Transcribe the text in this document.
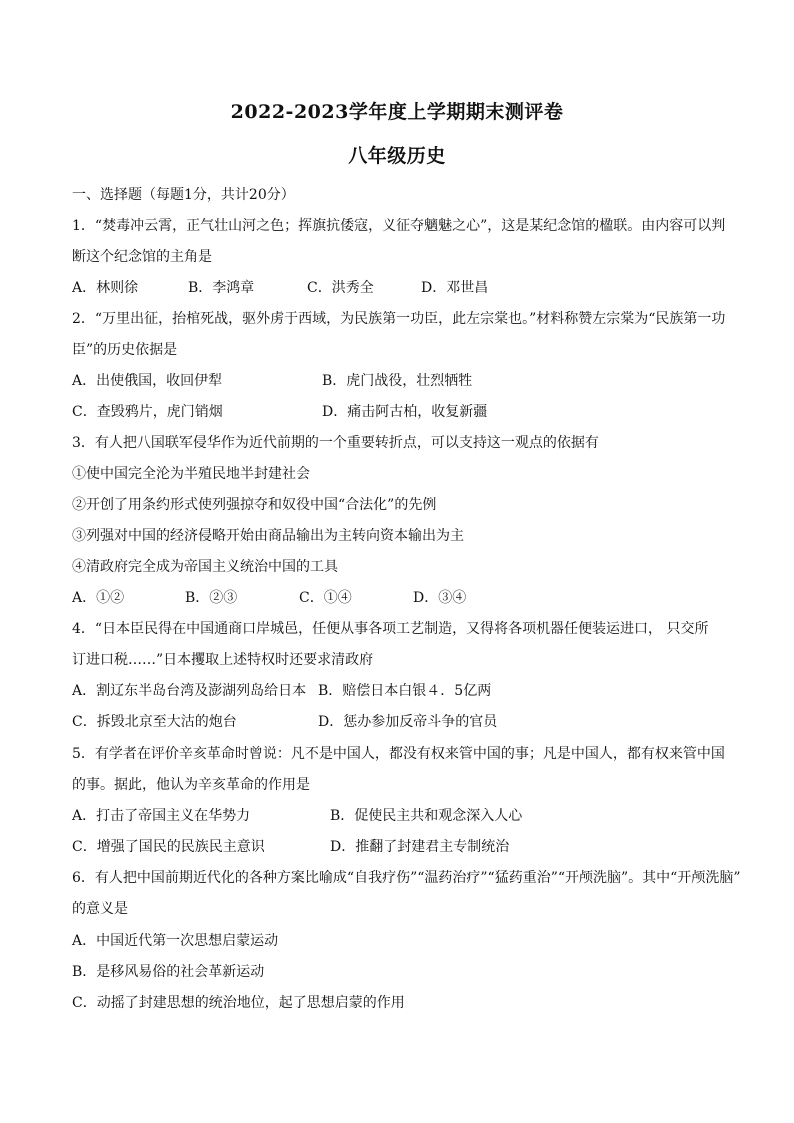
2022-2023学年度上学期期末测评卷
八年级历史
一、选择题（每题1分，共计20分）
1．“焚毒冲云霄，正气壮山河之色；挥旗抗倭寇，义征夺魑魅之心”，这是某纪念馆的楹联。由内容可以判
断这个纪念馆的主角是
A．林则徐	B．李鸿章	C．洪秀全	D．邓世昌
2．“万里出征，抬棺死战，驱外虏于西域，为民族第一功臣，此左宗棠也。”材料称赞左宗棠为“民族第一功
臣”的历史依据是
A．出使俄国，收回伊犁	B．虎门战役，壮烈牺牲
C．查毁鸦片，虎门销烟	D．痛击阿古柏，收复新疆
3．有人把八国联军侵华作为近代前期的一个重要转折点，可以支持这一观点的依据有
①使中国完全沦为半殖民地半封建社会
②开创了用条约形式使列强掠夺和奴役中国“合法化”的先例
③列强对中国的经济侵略开始由商品输出为主转向资本输出为主
④清政府完全成为帝国主义统治中国的工具
A．①②	B．②③	C．①④	D．③④
4．“日本臣民得在中国通商口岸城邑，任便从事各项工艺制造，又得将各项机器任便装运进口， 只交所
订进口税……”日本攫取上述特权时还要求清政府
A．割辽东半岛台湾及澎湖列岛给日本 B．赔偿日本白银４．5亿两
C．拆毁北京至大沽的炮台	D．惩办参加反帝斗争的官员
5．有学者在评价辛亥革命时曾说：凡不是中国人，都没有权来管中国的事；凡是中国人，都有权来管中国
的事。据此，他认为辛亥革命的作用是
A．打击了帝国主义在华势力	B．促使民主共和观念深入人心
C．增强了国民的民族民主意识	D．推翻了封建君主专制统治
6．有人把中国前期近代化的各种方案比喻成“自我疗伤”“温药治疗”“猛药重治”“开颅洗脑”。其中“开颅洗脑”
的意义是
A．中国近代第一次思想启蒙运动
B．是移风易俗的社会革新运动
C．动摇了封建思想的统治地位，起了思想启蒙的作用
